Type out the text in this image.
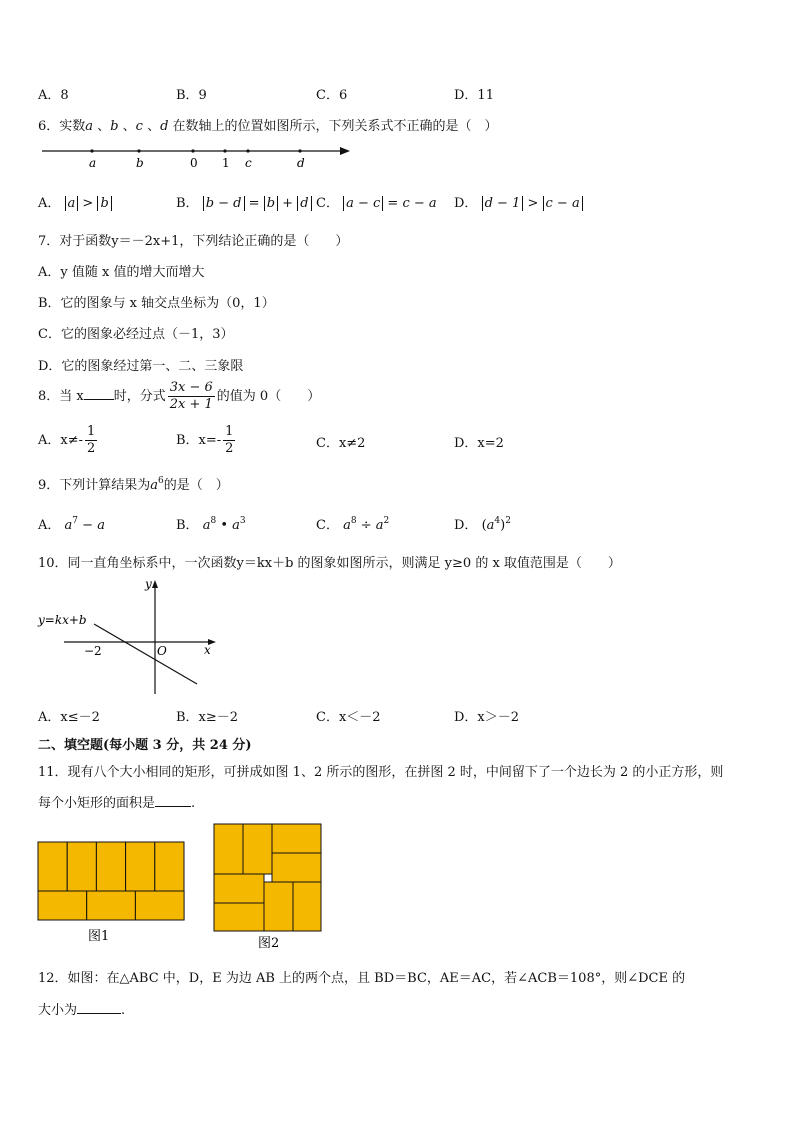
A．8	B．9	C．6	D．11
6．实数a 、b 、c 、d 在数轴上的位置如图所示，下列关系式不正确的是（　）
a	b	0 1 c	d
A． a > b	B． b − d = b + d C． a − c = c − a D． d − 1 > c − a
7．对于函数y＝－2x+1，下列结论正确的是（　　）
A．y 值随 x 值的增大而增大
B．它的图象与 x 轴交点坐标为（0，1）
C．它的图象必经过点（－1，3）
D．它的图象经过第一、二、三象限
8．当 x 时，分式 $\frac{3x - 6}{2x + 1}$ 的值为 0（　　）
A．$x\ne- \frac{1}{2}$	B．$x=- \frac{1}{2}$	C．x≠2	D．x=2
9．下列计算结果为$a^6$的是（　）
A． $a^7 - a$	B． $a^8$ • $a^3$	C． $a^8 \div a^2$	D． $(a^4)^2$
10．同一直角坐标系中，一次函数y＝kx＋b 的图象如图所示，则满足 y≥0 的 x 取值范围是（　　）
y=kx+b
y
x
O
−2
A．x≤－2	B．x≥－2	C．x＜－2	D．x＞－2
二、填空题(每小题 3 分，共 24 分)
11．现有八个大小相同的矩形，可拼成如图 1、2 所示的图形，在拼图 2 时，中间留下了一个边长为 2 的小正方形，则
每个小矩形的面积是	.
图1	图2
12．如图：在△ABC 中，D，E 为边 AB 上的两个点，且 BD＝BC，AE＝AC，若∠ACB＝108°，则∠DCE 的
大小为	.
